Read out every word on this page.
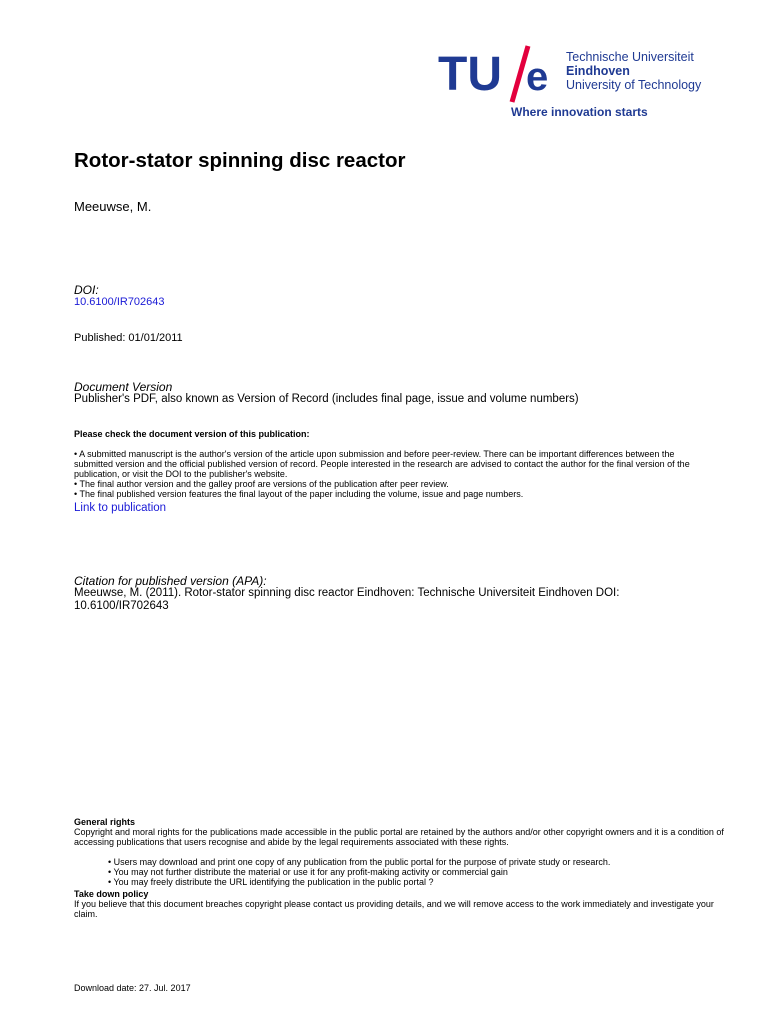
TU e Technische Universiteit
Eindhoven
University of Technology
Where innovation starts
Rotor-stator spinning disc reactor
Meeuwse, M.
DOI:
10.6100/IR702643
Published: 01/01/2011
Document Version
Publisher's PDF, also known as Version of Record (includes final page, issue and volume numbers)
Please check the document version of this publication:
• A submitted manuscript is the author's version of the article upon submission and before peer-review. There can be important differences between the submitted version and the official published version of record. People interested in the research are advised to contact the author for the final version of the publication, or visit the DOI to the publisher's website.
• The final author version and the galley proof are versions of the publication after peer review.
• The final published version features the final layout of the paper including the volume, issue and page numbers.
Link to publication
Citation for published version (APA):
Meeuwse, M. (2011). Rotor-stator spinning disc reactor Eindhoven: Technische Universiteit Eindhoven DOI: 10.6100/IR702643
General rights
Copyright and moral rights for the publications made accessible in the public portal are retained by the authors and/or other copyright owners and it is a condition of accessing publications that users recognise and abide by the legal requirements associated with these rights.
• Users may download and print one copy of any publication from the public portal for the purpose of private study or research.
• You may not further distribute the material or use it for any profit-making activity or commercial gain
• You may freely distribute the URL identifying the publication in the public portal ?
Take down policy
If you believe that this document breaches copyright please contact us providing details, and we will remove access to the work immediately and investigate your claim.
Download date: 27. Jul. 2017
